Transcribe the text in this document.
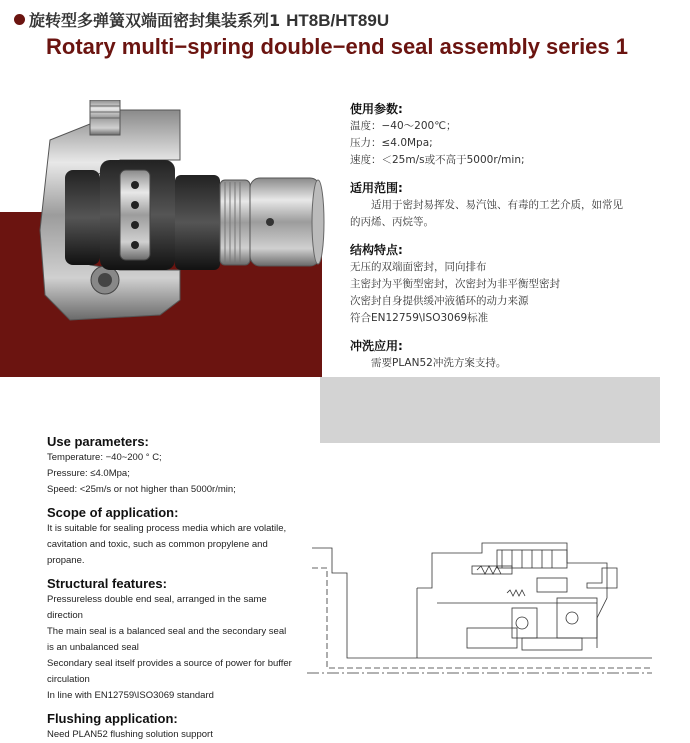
旋转型多弹簧双端面密封集装系列1 HT8B/HT89U
Rotary multi−spring double−end seal assembly series 1
使用参数:

温度：−40～200℃；

压力：≤4.0Mpa;

速度：＜25m/s或不高于5000r/min;

适用范围:

适用于密封易挥发、易汽蚀、有毒的工艺介质，如常见

的丙烯、丙烷等。

结构特点:

无压的双端面密封，同向排布

主密封为平衡型密封，次密封为非平衡型密封

次密封自身提供缓冲液循环的动力来源

符合EN12759\ISO3069标准

冲洗应用:

需要PLAN52冲洗方案支持。

Use parameters:

Temperature: −40~200 ° C;

Pressure: ≤4.0Mpa;

Speed: <25m/s or not higher than 5000r/min;

Scope of application:

It is suitable for sealing process media which are volatile,

cavitation and toxic, such as common propylene and propane.

Structural features:

Pressureless double end seal, arranged in the same direction

The main seal is a balanced seal and the secondary seal

is an unbalanced seal

Secondary seal itself provides a source of power for buffer

circulation

In line with EN12759\ISO3069 standard

Flushing application:

Need PLAN52 flushing solution support
